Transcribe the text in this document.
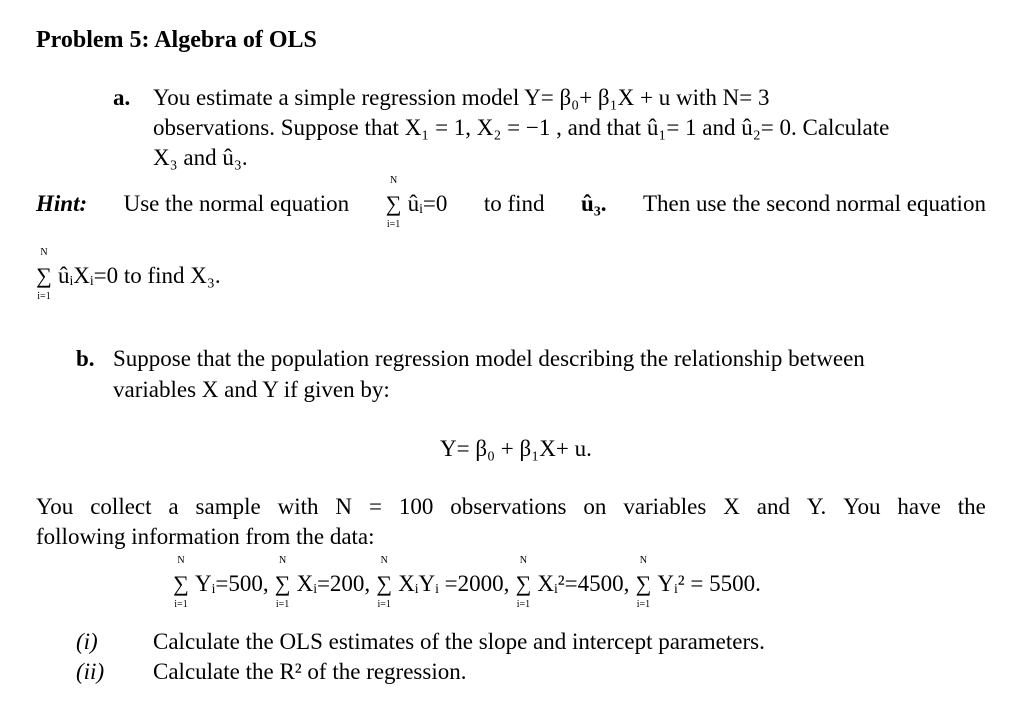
Problem 5: Algebra of OLS
a. You estimate a simple regression model Y= β₀+ β₁X + u with N= 3
observations. Suppose that X₁ = 1, X₂ = −1 , and that û₁= 1 and û₂= 0. Calculate
X₃ and û₃.
Hint: Use the normal equation
N
∑
i=1
ûᵢ=0 to find û₃. Then use the second normal equation
N
∑
i=1
ûᵢXᵢ=0 to find X₃.
b. Suppose that the population regression model describing the relationship between
variables X and Y if given by:
Y= β₀ + β₁X+ u.
You collect a sample with N = 100 observations on variables X and Y. You have the
following information from the data:
N
∑
i=1
Yᵢ=500,
N
∑
i=1
Xᵢ=200,
N
∑
i=1
XᵢYᵢ =2000,
N
∑
i=1
Xᵢ²=4500,
N
∑
i=1
Yᵢ² = 5500.
(i) Calculate the OLS estimates of the slope and intercept parameters.
(ii) Calculate the R² of the regression.
